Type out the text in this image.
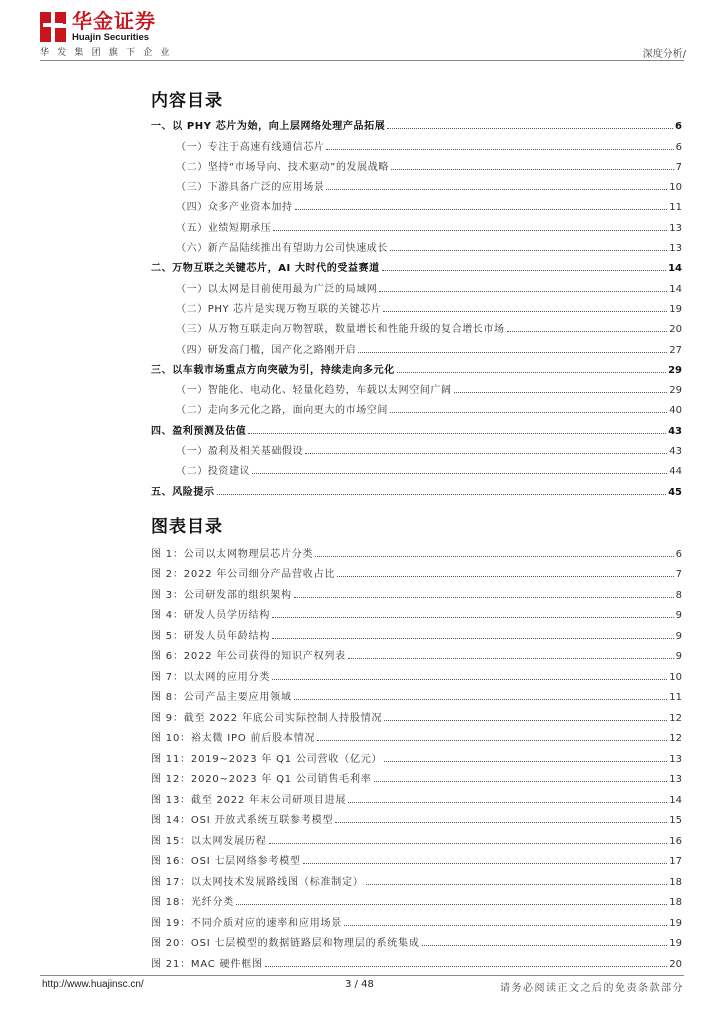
华金证券
Huajin Securities
华发集团旗下企业	深度分析/
内容目录
一、以 PHY 芯片为始，向上层网络处理产品拓展	6
（一）专注于高速有线通信芯片	6
（二）坚持“市场导向、技术驱动”的发展战略	7
（三）下游具备广泛的应用场景	10
（四）众多产业资本加持	11
（五）业绩短期承压	13
（六）新产品陆续推出有望助力公司快速成长	13
二、万物互联之关键芯片，AI 大时代的受益赛道	14
（一）以太网是目前使用最为广泛的局域网	14
（二）PHY 芯片是实现万物互联的关键芯片	19
（三）从万物互联走向万物智联，数量增长和性能升级的复合增长市场	20
（四）研发高门槛，国产化之路刚开启	27
三、以车载市场重点方向突破为引，持续走向多元化	29
（一）智能化、电动化、轻量化趋势，车载以太网空间广阔	29
（二）走向多元化之路，面向更大的市场空间	40
四、盈利预测及估值	43
（一）盈利及相关基础假设	43
（二）投资建议	44
五、风险提示	45
图表目录
图 1：公司以太网物理层芯片分类	6
图 2：2022 年公司细分产品营收占比	7
图 3：公司研发部的组织架构	8
图 4：研发人员学历结构	9
图 5：研发人员年龄结构	9
图 6：2022 年公司获得的知识产权列表	9
图 7：以太网的应用分类	10
图 8：公司产品主要应用领域	11
图 9：截至 2022 年底公司实际控制人持股情况	12
图 10：裕太微 IPO 前后股本情况	12
图 11：2019~2023 年 Q1 公司营收（亿元）	13
图 12：2020~2023 年 Q1 公司销售毛利率	13
图 13：截至 2022 年末公司研项目进展	14
图 14：OSI 开放式系统互联参考模型	15
图 15：以太网发展历程	16
图 16：OSI 七层网络参考模型	17
图 17：以太网技术发展路线图（标准制定）	18
图 18：光纤分类	18
图 19：不同介质对应的速率和应用场景	19
图 20：OSI 七层模型的数据链路层和物理层的系统集成	19
图 21：MAC 硬件框图	20
http://www.huajinsc.cn/	3 / 48	请务必阅读正文之后的免责条款部分
